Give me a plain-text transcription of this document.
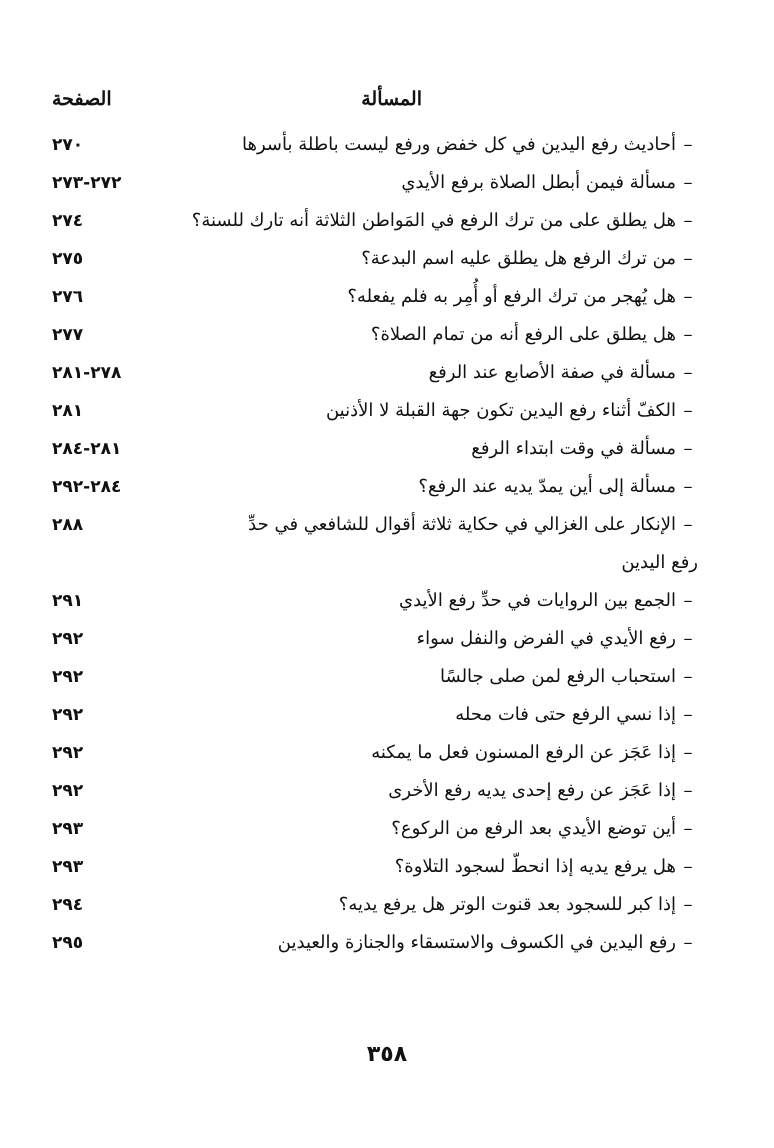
المسألة
الصفحة
–
أحاديث رفع اليدين في كل خفض ورفع ليست باطلة بأسرها
٢٧٠
–
مسألة فيمن أبطل الصلاة برفع الأيدي
٢٧٢-٢٧٣
–
هل يطلق على من ترك الرفع في المَواطن الثلاثة أنه تارك للسنة؟
٢٧٤
–
من ترك الرفع هل يطلق عليه اسم البدعة؟
٢٧٥
–
هل يُهجر من ترك الرفع أو أُمِر به فلم يفعله؟
٢٧٦
–
هل يطلق على الرفع أنه من تمام الصلاة؟
٢٧٧
–
مسألة في صفة الأصابع عند الرفع
٢٧٨-٢٨١
–
الكفّ أثناء رفع اليدين تكون جهة القبلة لا الأذنين
٢٨١
–
مسألة في وقت ابتداء الرفع
٢٨١-٢٨٤
–
مسألة إلى أين يمدّ يديه عند الرفع؟
٢٨٤-٢٩٢
–
الإنكار على الغزالي في حكاية ثلاثة أقوال للشافعي في حدِّ
رفع اليدين
٢٨٨
–
الجمع بين الروايات في حدِّ رفع الأيدي
٢٩١
–
رفع الأيدي في الفرض والنفل سواء
٢٩٢
–
استحباب الرفع لمن صلى جالسًا
٢٩٢
–
إذا نسي الرفع حتى فات محله
٢٩٢
–
إذا عَجَز عن الرفع المسنون فعل ما يمكنه
٢٩٢
–
إذا عَجَز عن رفع إحدى يديه رفع الأخرى
٢٩٢
–
أين توضع الأيدي بعد الرفع من الركوع؟
٢٩٣
–
هل يرفع يديه إذا انحطّ لسجود التلاوة؟
٢٩٣
–
إذا كبر للسجود بعد قنوت الوتر هل يرفع يديه؟
٢٩٤
–
رفع اليدين في الكسوف والاستسقاء والجنازة والعيدين
٢٩٥
٣٥٨
